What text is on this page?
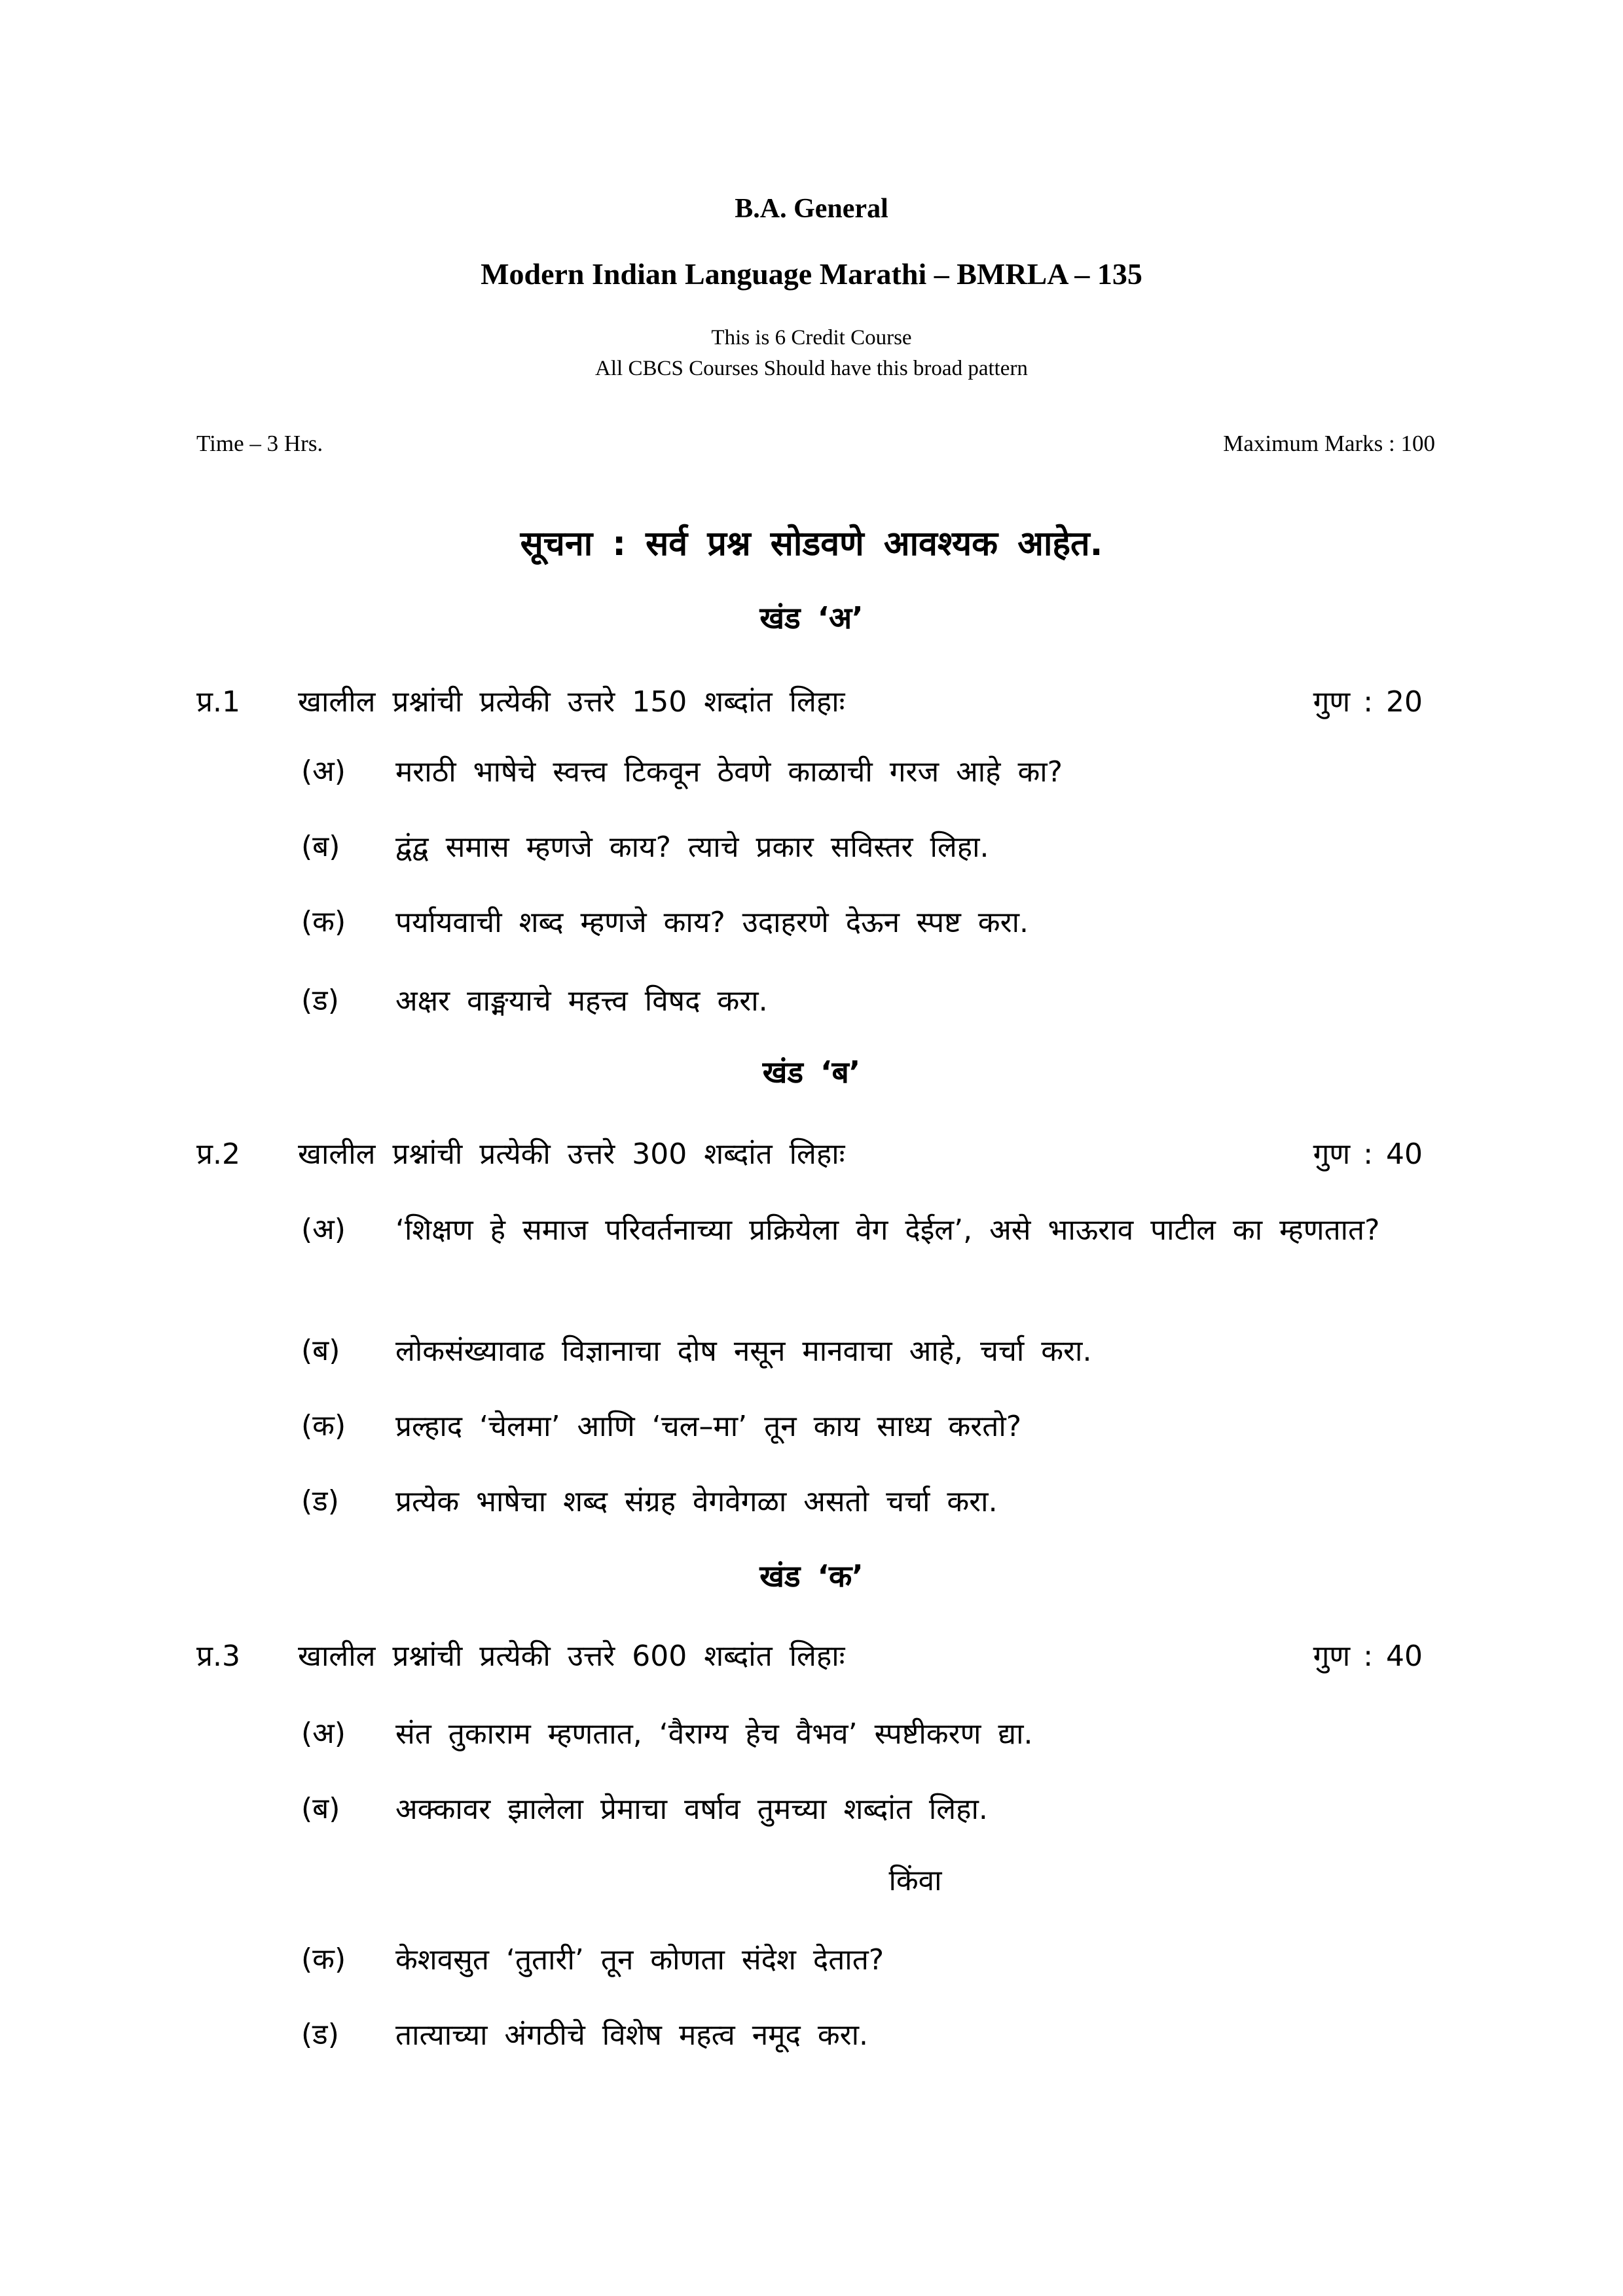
B.A. General
Modern Indian Language Marathi – BMRLA – 135
This is 6 Credit Course
All CBCS Courses Should have this broad pattern
Time – 3 Hrs.	Maximum Marks : 100
सूचना : सर्व प्रश्न सोडवणे आवश्यक आहेत.
खंड ‘अ’
प्र.1 खालील प्रश्नांची प्रत्येकी उत्तरे 150 शब्दांत लिहाः	गुण : 20
(अ) मराठी भाषेचे स्वत्त्व टिकवून ठेवणे काळाची गरज आहे का?
(ब) द्वंद्व समास म्हणजे काय? त्याचे प्रकार सविस्तर लिहा.
(क) पर्यायवाची शब्द म्हणजे काय? उदाहरणे देऊन स्पष्ट करा.
(ड) अक्षर वाङ्मयाचे महत्त्व विषद करा.
खंड ‘ब’
प्र.2 खालील प्रश्नांची प्रत्येकी उत्तरे 300 शब्दांत लिहाः	गुण : 40
(अ) ‘शिक्षण हे समाज परिवर्तनाच्या प्रक्रियेला वेग देईल’, असे भाऊराव पाटील का म्हणतात?
(ब) लोकसंख्यावाढ विज्ञानाचा दोष नसून मानवाचा आहे, चर्चा करा.
(क) प्रल्हाद ‘चेलमा’ आणि ‘चल–मा’ तून काय साध्य करतो?
(ड) प्रत्येक भाषेचा शब्द संग्रह वेगवेगळा असतो चर्चा करा.
खंड ‘क’
प्र.3 खालील प्रश्नांची प्रत्येकी उत्तरे 600 शब्दांत लिहाः	गुण : 40
(अ) संत तुकाराम म्हणतात, ‘वैराग्य हेच वैभव’ स्पष्टीकरण द्या.
(ब) अक्कावर झालेला प्रेमाचा वर्षाव तुमच्या शब्दांत लिहा.
किंवा
(क) केशवसुत ‘तुतारी’ तून कोणता संदेश देतात?
(ड) तात्याच्या अंगठीचे विशेष महत्व नमूद करा.
